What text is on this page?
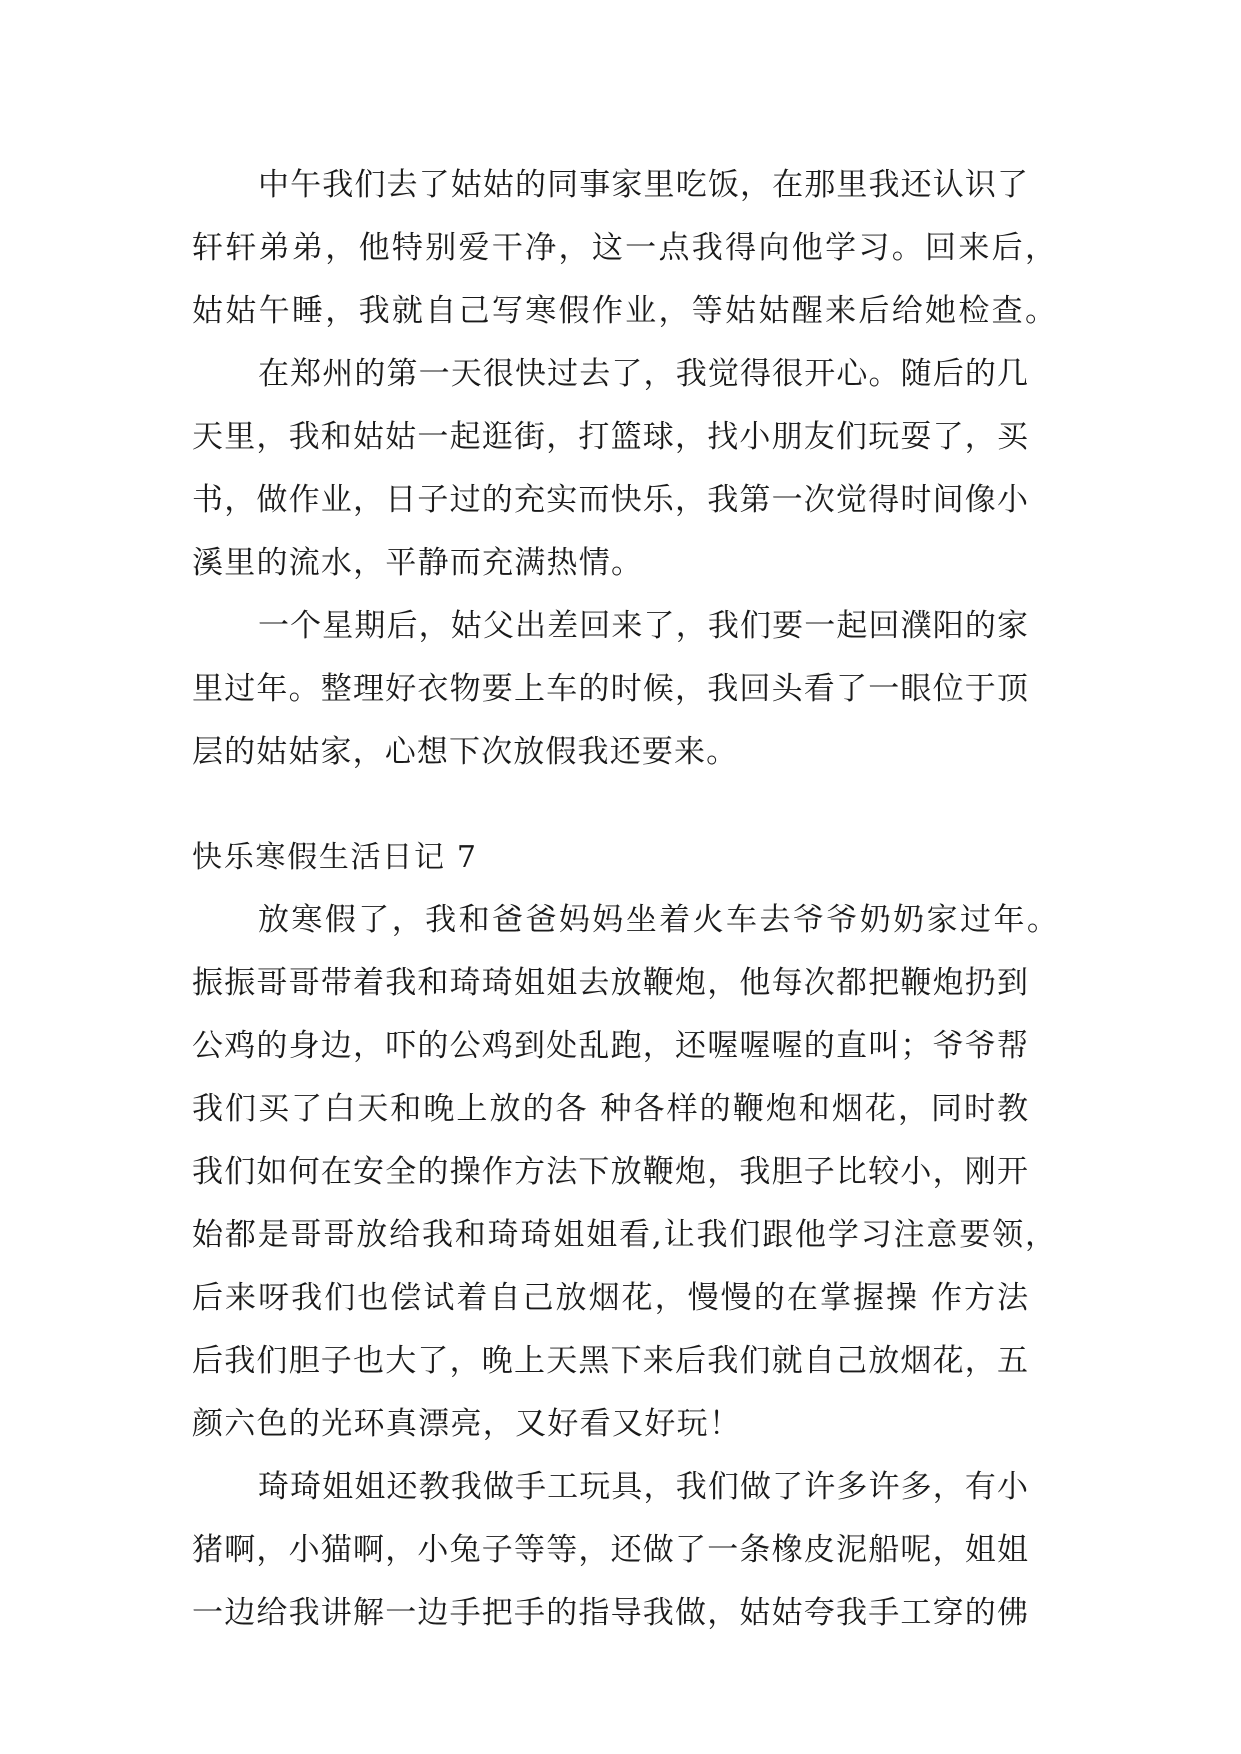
中午我们去了姑姑的同事家里吃饭，在那里我还认识了
轩轩弟弟，他特别爱干净，这一点我得向他学习。回来后，
姑姑午睡，我就自己写寒假作业，等姑姑醒来后给她检查。
在郑州的第一天很快过去了，我觉得很开心。随后的几
天里，我和姑姑一起逛街，打篮球，找小朋友们玩耍了，买
书，做作业，日子过的充实而快乐，我第一次觉得时间像小
溪里的流水，平静而充满热情。
一个星期后，姑父出差回来了，我们要一起回濮阳的家
里过年。整理好衣物要上车的时候，我回头看了一眼位于顶
层的姑姑家，心想下次放假我还要来。
快乐寒假生活日记 7
放寒假了，我和爸爸妈妈坐着火车去爷爷奶奶家过年。
振振哥哥带着我和琦琦姐姐去放鞭炮，他每次都把鞭炮扔到
公鸡的身边，吓的公鸡到处乱跑，还喔喔喔的直叫；爷爷帮
我们买了白天和晚上放的各 种各样的鞭炮和烟花，同时教
我们如何在安全的操作方法下放鞭炮，我胆子比较小，刚开
始都是哥哥放给我和琦琦姐姐看,让我们跟他学习注意要领，
后来呀我们也偿试着自己放烟花，慢慢的在掌握操 作方法
后我们胆子也大了，晚上天黑下来后我们就自己放烟花，五
颜六色的光环真漂亮，又好看又好玩！
琦琦姐姐还教我做手工玩具，我们做了许多许多，有小
猪啊，小猫啊，小兔子等等，还做了一条橡皮泥船呢，姐姐
一边给我讲解一边手把手的指导我做，姑姑夸我手工穿的佛
